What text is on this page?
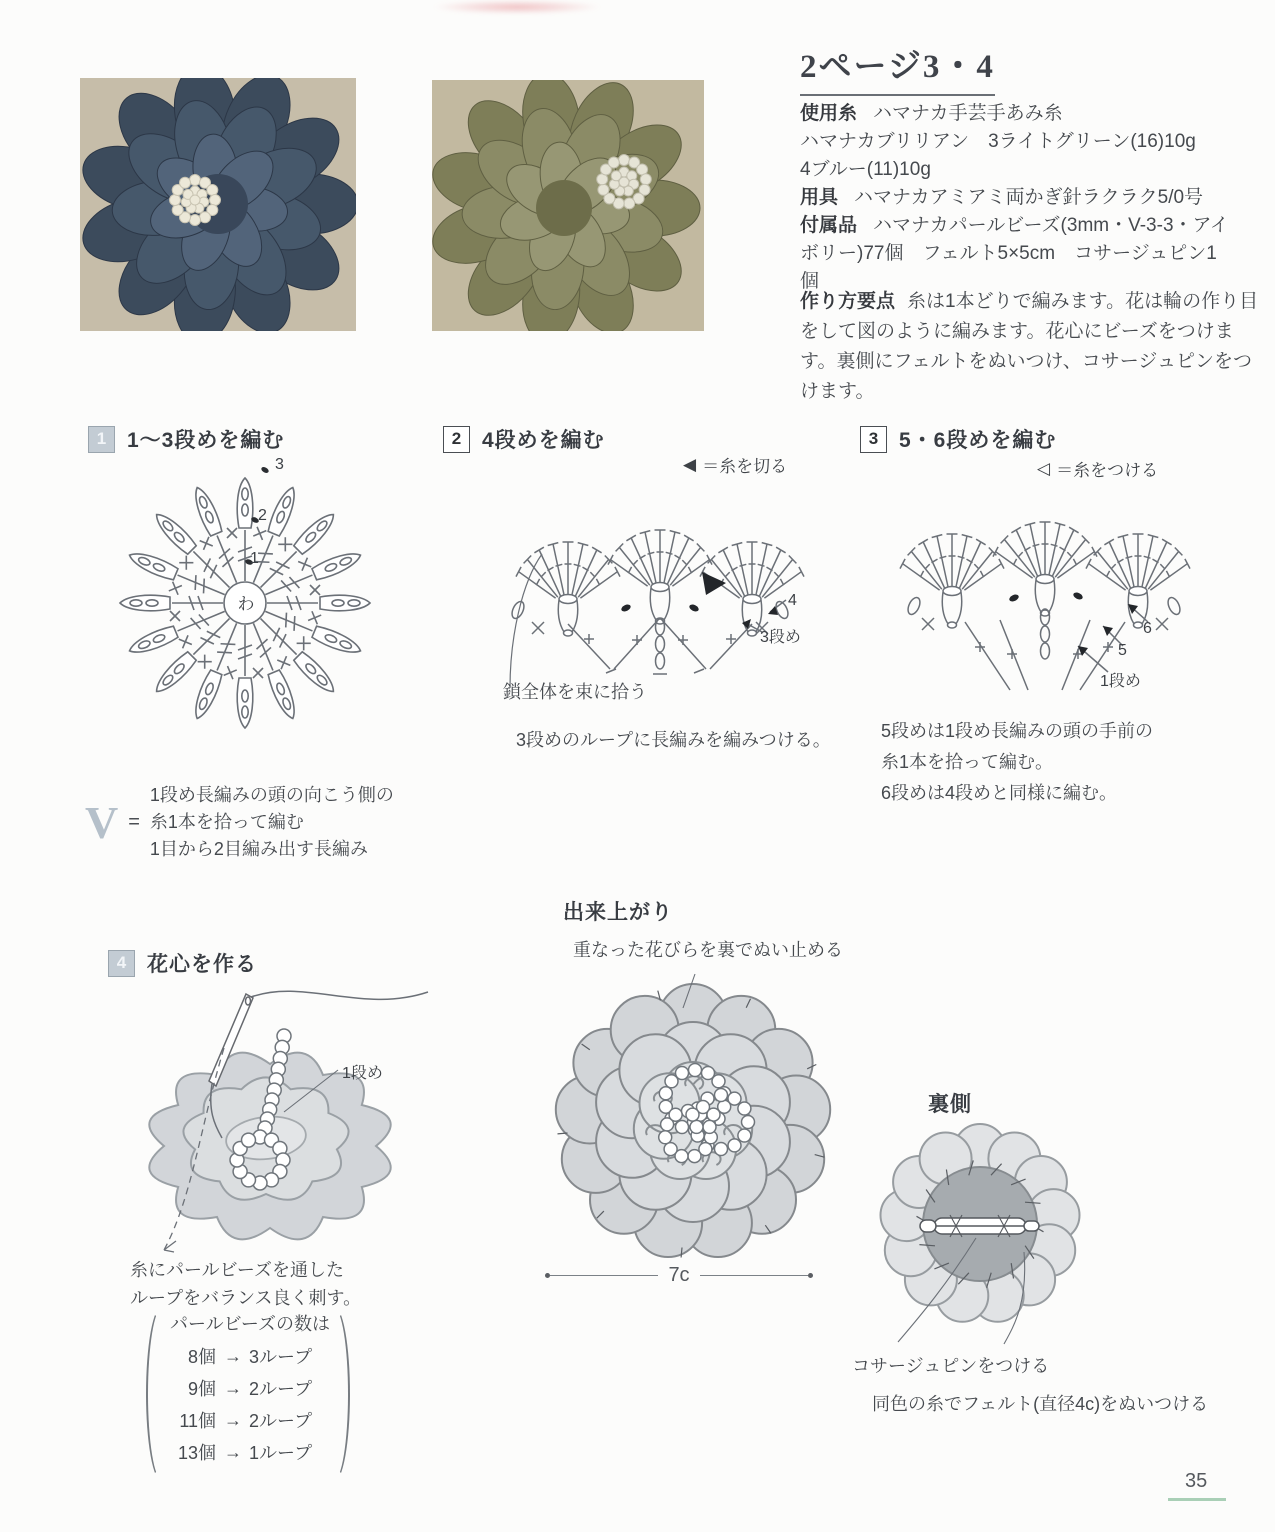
2ページ3・4
使用糸 ハマナカ手芸手あみ糸
ハマナカブリリアン　3ライトグリーン(16)10g
4ブルー(11)10g
用具 ハマナカアミアミ両かぎ針ラクラク5/0号
付属品 ハマナカパールビーズ(3mm・V-3-3・アイ
ボリー)77個　フェルト5×5cm　コサージュピン1
個
作り方要点 糸は1本どりで編みます。花は輪の作り目をして図のように編みます。花心にビーズをつけます。裏側にフェルトをぬいつけ、コサージュピンをつけます。
1 1～3段めを編む
3
2
1
わ
V =
1段め長編みの頭の向こう側の
糸1本を拾って編む
1目から2目編み出す長編み
2 4段めを編む
◀ ＝糸を切る
4
3段め
鎖全体を束に拾う
3段めのループに長編みを編みつける。
3 5・6段めを編む
◁ ＝糸をつける
6
5
1段め
5段めは1段め長編みの頭の手前の
糸1本を拾って編む。
6段めは4段めと同様に編む。
4 花心を作る
1段め
糸にパールビーズを通した
ループをバランス良く刺す。
パールビーズの数は
8個 → 3ループ
9個 → 2ループ
11個 → 2ループ
13個 → 1ループ
出来上がり
重なった花びらを裏でぬい止める
7c
裏側
コサージュピンをつける
同色の糸でフェルト(直径4c)をぬいつける
35
